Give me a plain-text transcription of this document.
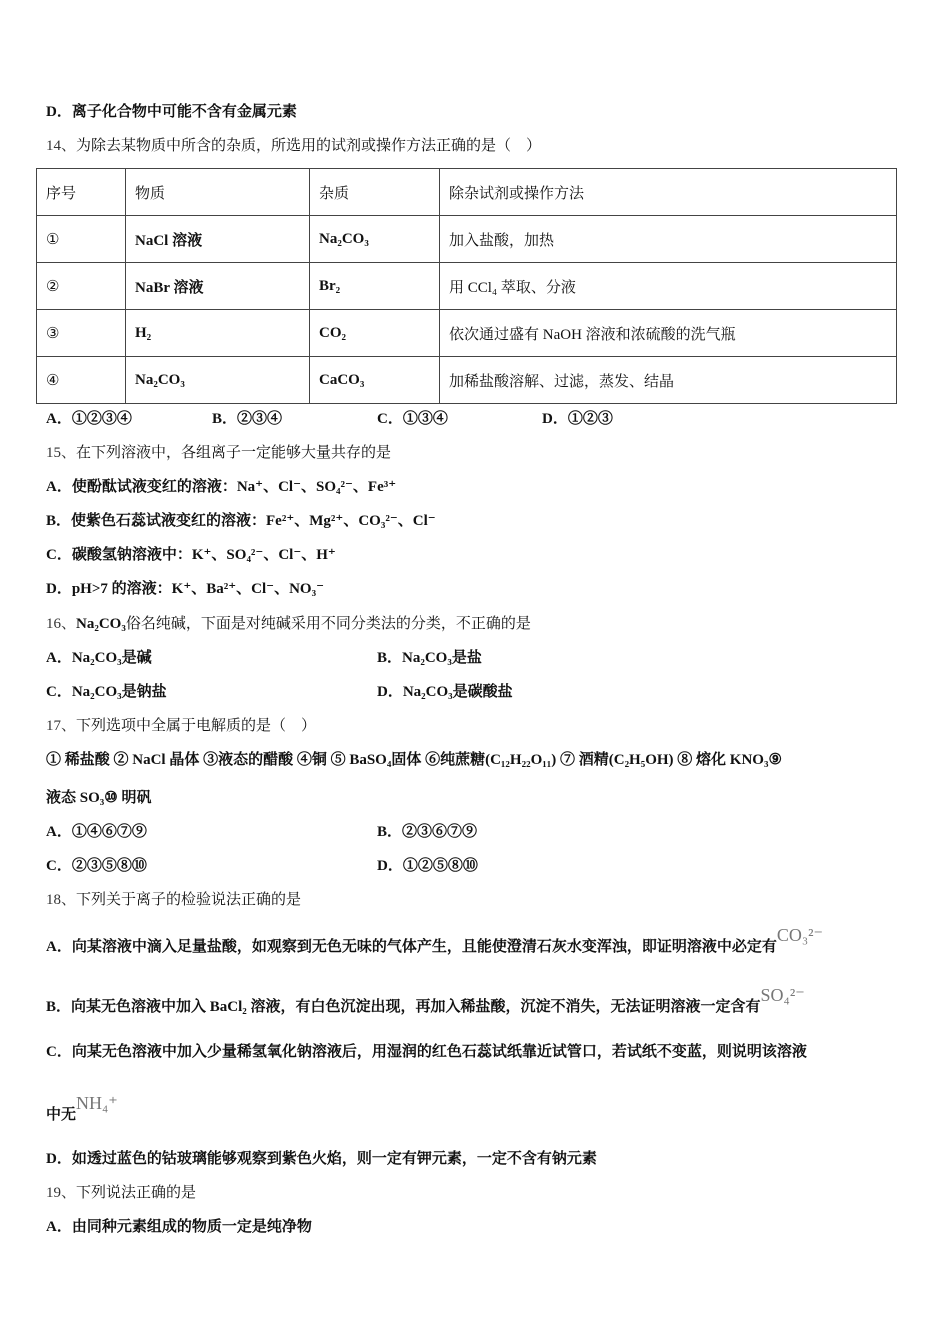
D．离子化合物中可能不含有金属元素
14、为除去某物质中所含的杂质，所选用的试剂或操作方法正确的是（　）
序号	物质	杂质	除杂试剂或操作方法
①	NaCl 溶液	Na₂CO₃	加入盐酸，加热
②	NaBr 溶液	Br₂	用 CCl₄ 萃取、分液
③	H₂	CO₂	依次通过盛有 NaOH 溶液和浓硫酸的洗气瓶
④	Na₂CO₃	CaCO₃	加稀盐酸溶解、过滤，蒸发、结晶
A．①②③④	B．②③④	C．①③④	D．①②③
15、在下列溶液中，各组离子一定能够大量共存的是
A．使酚酞试液变红的溶液：Na⁺、Cl⁻、SO₄²⁻、Fe³⁺
B．使紫色石蕊试液变红的溶液：Fe²⁺、Mg²⁺、CO₃²⁻、Cl⁻
C．碳酸氢钠溶液中：K⁺、SO₄²⁻、Cl⁻、H⁺
D．pH>7 的溶液：K⁺、Ba²⁺、Cl⁻、NO₃⁻
16、Na₂CO₃俗名纯碱，下面是对纯碱采用不同分类法的分类，不正确的是
A．Na₂CO₃是碱	B．Na₂CO₃是盐
C．Na₂CO₃是钠盐	D．Na₂CO₃是碳酸盐
17、下列选项中全属于电解质的是（　）
① 稀盐酸 ② NaCl 晶体 ③液态的醋酸 ④铜 ⑤ BaSO₄固体 ⑥纯蔗糖(C₁₂H₂₂O₁₁) ⑦ 酒精(C₂H₅OH) ⑧ 熔化 KNO₃⑨
液态 SO₃⑩ 明矾
A．①④⑥⑦⑨	B．②③⑥⑦⑨
C．②③⑤⑧⑩	D．①②⑤⑧⑩
18、下列关于离子的检验说法正确的是
A．向某溶液中滴入足量盐酸，如观察到无色无味的气体产生，且能使澄清石灰水变浑浊，即证明溶液中必定有CO₃²⁻
B．向某无色溶液中加入 BaCl₂ 溶液，有白色沉淀出现，再加入稀盐酸，沉淀不消失，无法证明溶液一定含有SO₄²⁻
C．向某无色溶液中加入少量稀氢氧化钠溶液后，用湿润的红色石蕊试纸靠近试管口，若试纸不变蓝，则说明该溶液
中无NH₄⁺
D．如透过蓝色的钴玻璃能够观察到紫色火焰，则一定有钾元素，一定不含有钠元素
19、下列说法正确的是
A．由同种元素组成的物质一定是纯净物
